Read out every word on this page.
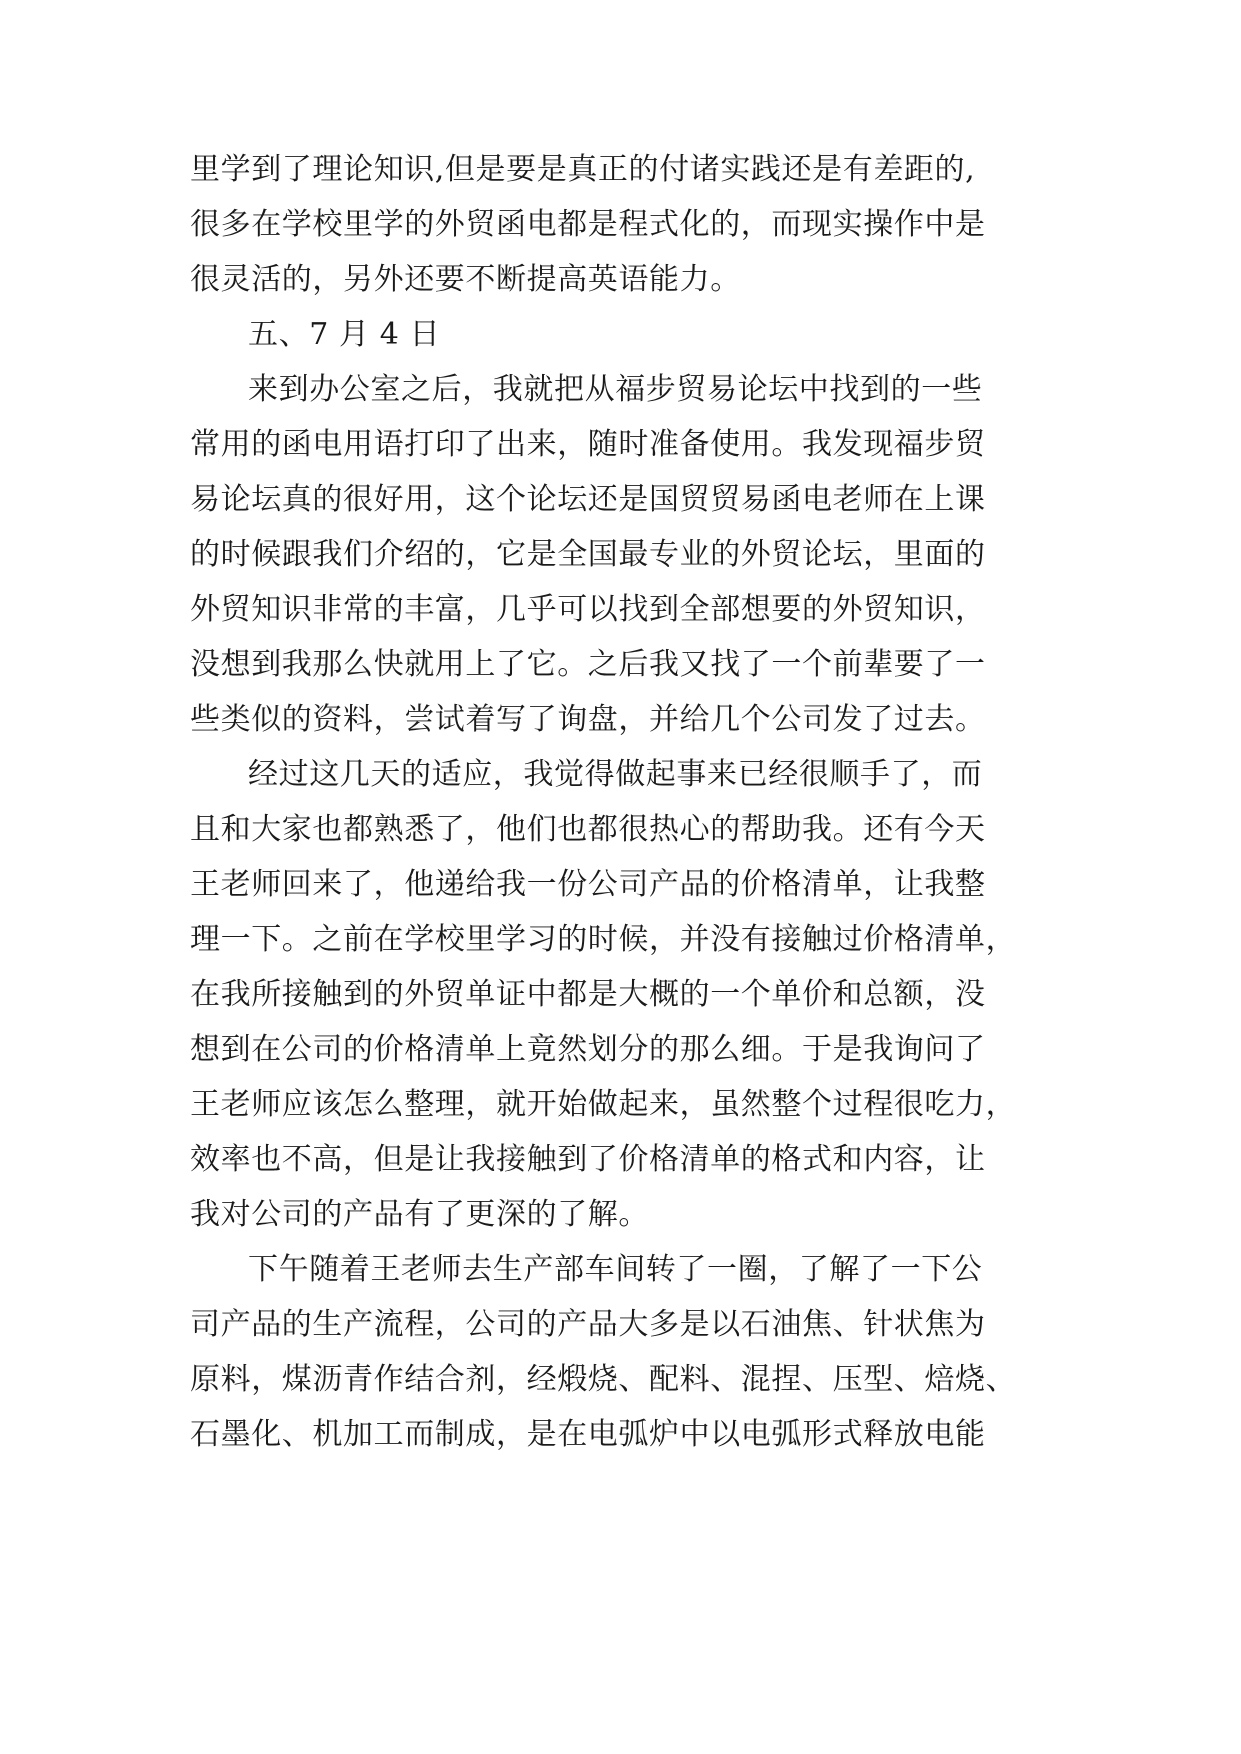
里学到了理论知识,但是要是真正的付诸实践还是有差距的,
很多在学校里学的外贸函电都是程式化的，而现实操作中是
很灵活的，另外还要不断提高英语能力。
五、7 月 4 日
来到办公室之后，我就把从福步贸易论坛中找到的一些
常用的函电用语打印了出来，随时准备使用。我发现福步贸
易论坛真的很好用，这个论坛还是国贸贸易函电老师在上课
的时候跟我们介绍的，它是全国最专业的外贸论坛，里面的
外贸知识非常的丰富，几乎可以找到全部想要的外贸知识，
没想到我那么快就用上了它。之后我又找了一个前辈要了一
些类似的资料，尝试着写了询盘，并给几个公司发了过去。
经过这几天的适应，我觉得做起事来已经很顺手了，而
且和大家也都熟悉了，他们也都很热心的帮助我。还有今天
王老师回来了，他递给我一份公司产品的价格清单，让我整
理一下。之前在学校里学习的时候，并没有接触过价格清单，
在我所接触到的外贸单证中都是大概的一个单价和总额，没
想到在公司的价格清单上竟然划分的那么细。于是我询问了
王老师应该怎么整理，就开始做起来，虽然整个过程很吃力，
效率也不高，但是让我接触到了价格清单的格式和内容，让
我对公司的产品有了更深的了解。
下午随着王老师去生产部车间转了一圈，了解了一下公
司产品的生产流程，公司的产品大多是以石油焦、针状焦为
原料，煤沥青作结合剂，经煅烧、配料、混捏、压型、焙烧、
石墨化、机加工而制成，是在电弧炉中以电弧形式释放电能
